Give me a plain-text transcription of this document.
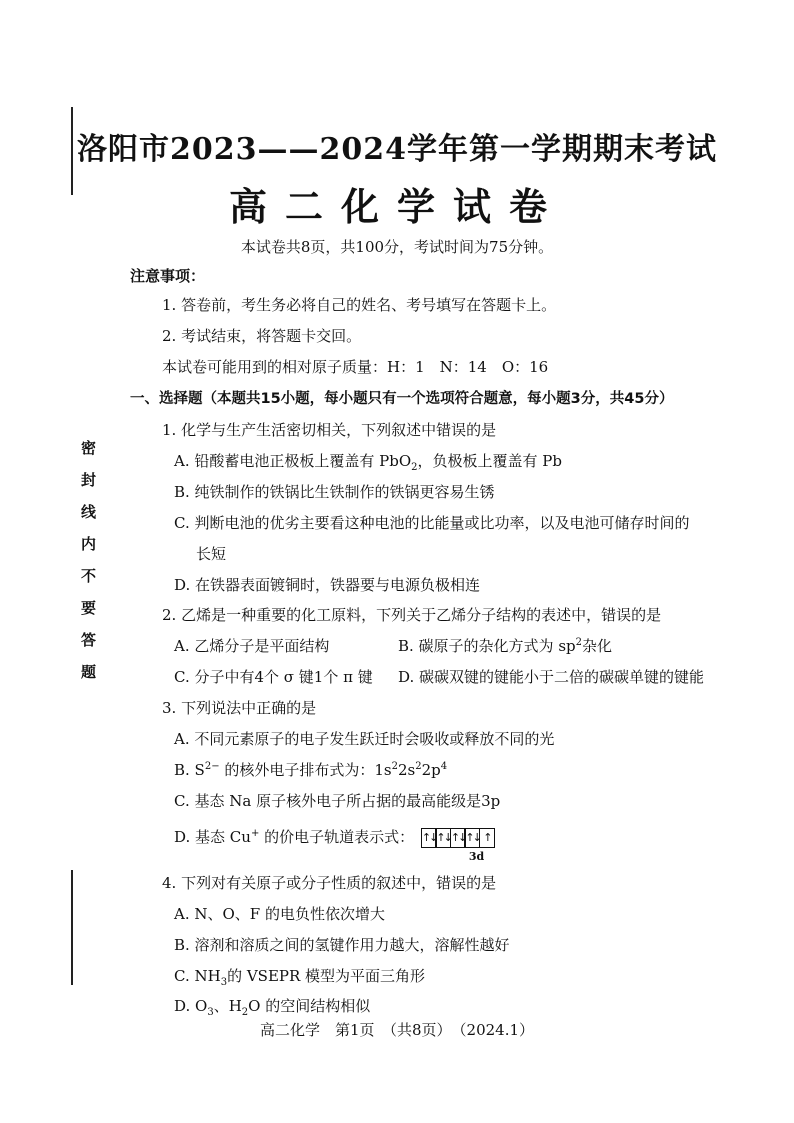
密封线内不要答题
洛阳市2023——2024学年第一学期期末考试
高二化学试卷
本试卷共8页，共100分，考试时间为75分钟。
注意事项：
1. 答卷前，考生务必将自己的姓名、考号填写在答题卡上。
2. 考试结束，将答题卡交回。
本试卷可能用到的相对原子质量：H：1　N：14　O：16
一、选择题（本题共15小题，每小题只有一个选项符合题意，每小题3分，共45分）
1. 化学与生产生活密切相关，下列叙述中错误的是
A. 铅酸蓄电池正极板上覆盖有 PbO$_2$，负极板上覆盖有 Pb
B. 纯铁制作的铁锅比生铁制作的铁锅更容易生锈
C. 判断电池的优劣主要看这种电池的比能量或比功率，以及电池可储存时间的
长短
D. 在铁器表面镀铜时，铁器要与电源负极相连
2. 乙烯是一种重要的化工原料，下列关于乙烯分子结构的表述中，错误的是
A. 乙烯分子是平面结构	B. 碳原子的杂化方式为 $sp^2$杂化
C. 分子中有4个 σ 键1个 π 键 D. 碳碳双键的键能小于二倍的碳碳单键的键能
3. 下列说法中正确的是
A. 不同元素原子的电子发生跃迁时会吸收或释放不同的光
B. $S^{2-}$ 的核外电子排布式为：$1s^22s^22p^4$
C. 基态 Na 原子核外电子所占据的最高能级是3p
D. 基态 Cu+ 的价电子轨道表示式： ↑↓ ↑↓ ↑↓ ↑↓ ↑
3d
4. 下列对有关原子或分子性质的叙述中，错误的是
A. N、O、F 的电负性依次增大
B. 溶剂和溶质之间的氢键作用力越大，溶解性越好
C. $NH_3$的 VSEPR 模型为平面三角形
D. $O_3$、$H_2O$ 的空间结构相似
高二化学　第1页　（共8页）　（2024.1）
